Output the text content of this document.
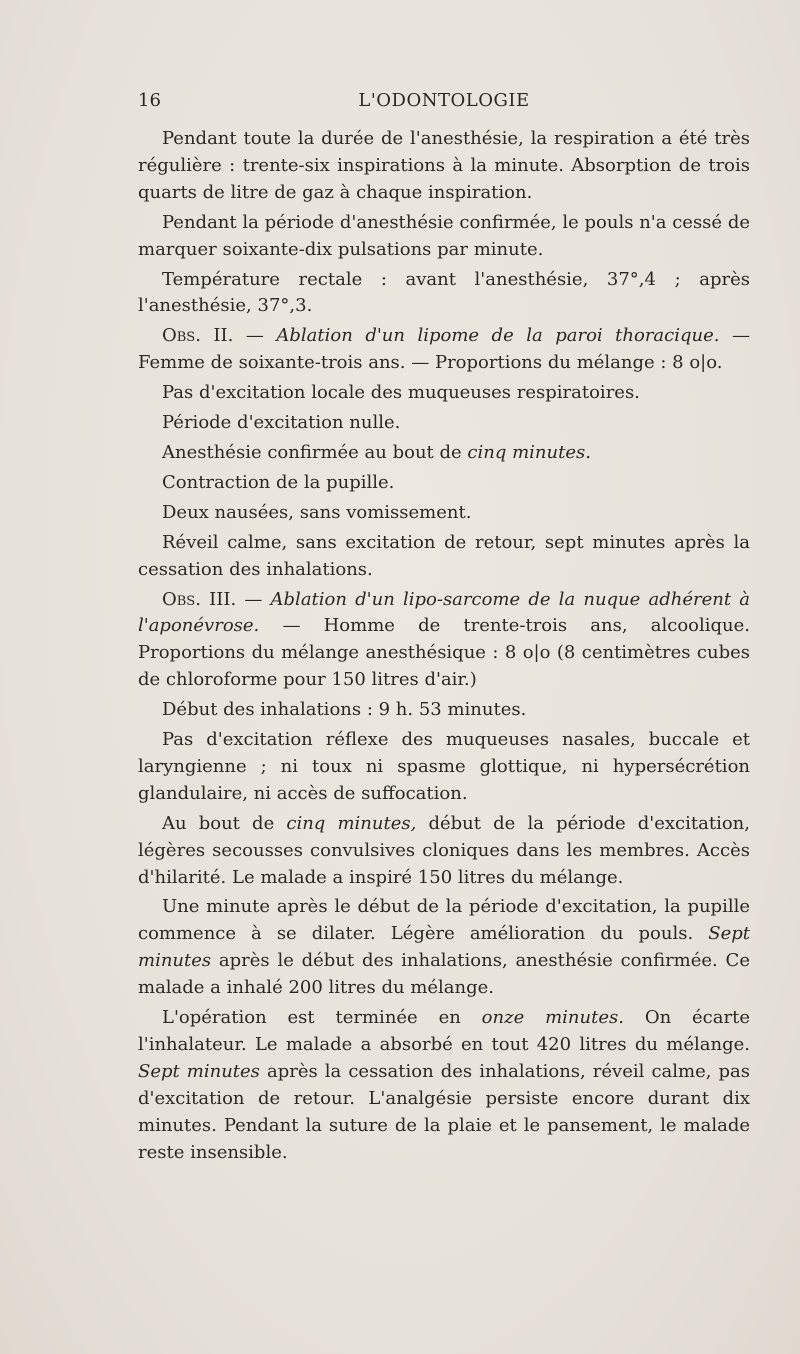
16	L'ODONTOLOGIE

Pendant toute la durée de l'anesthésie, la respiration a été très régulière : trente-six inspirations à la minute. Absorption de trois quarts de litre de gaz à chaque inspiration.

Pendant la période d'anesthésie confirmée, le pouls n'a cessé de marquer soixante-dix pulsations par minute.

Température rectale : avant l'anesthésie, 37°,4 ; après l'anesthésie, 37°,3.

Obs. II. — Ablation d'un lipome de la paroi thoracique. — Femme de soixante-trois ans. — Proportions du mélange : 8 o|o.

Pas d'excitation locale des muqueuses respiratoires.

Période d'excitation nulle.

Anesthésie confirmée au bout de cinq minutes.

Contraction de la pupille.

Deux nausées, sans vomissement.

Réveil calme, sans excitation de retour, sept minutes après la cessation des inhalations.

Obs. III. — Ablation d'un lipo-sarcome de la nuque adhérent à l'aponévrose. — Homme de trente-trois ans, alcoolique. Proportions du mélange anesthésique : 8 o|o (8 centimètres cubes de chloroforme pour 150 litres d'air.)

Début des inhalations : 9 h. 53 minutes.

Pas d'excitation réflexe des muqueuses nasales, buccale et laryngienne ; ni toux ni spasme glottique, ni hypersécrétion glandulaire, ni accès de suffocation.

Au bout de cinq minutes, début de la période d'excitation, légères secousses convulsives cloniques dans les membres. Accès d'hilarité. Le malade a inspiré 150 litres du mélange.

Une minute après le début de la période d'excitation, la pupille commence à se dilater. Légère amélioration du pouls. Sept minutes après le début des inhalations, anesthésie confirmée. Ce malade a inhalé 200 litres du mélange.

L'opération est terminée en onze minutes. On écarte l'inhalateur. Le malade a absorbé en tout 420 litres du mélange. Sept minutes après la cessation des inhalations, réveil calme, pas d'excitation de retour. L'analgésie persiste encore durant dix minutes. Pendant la suture de la plaie et le pansement, le malade reste insensible.
